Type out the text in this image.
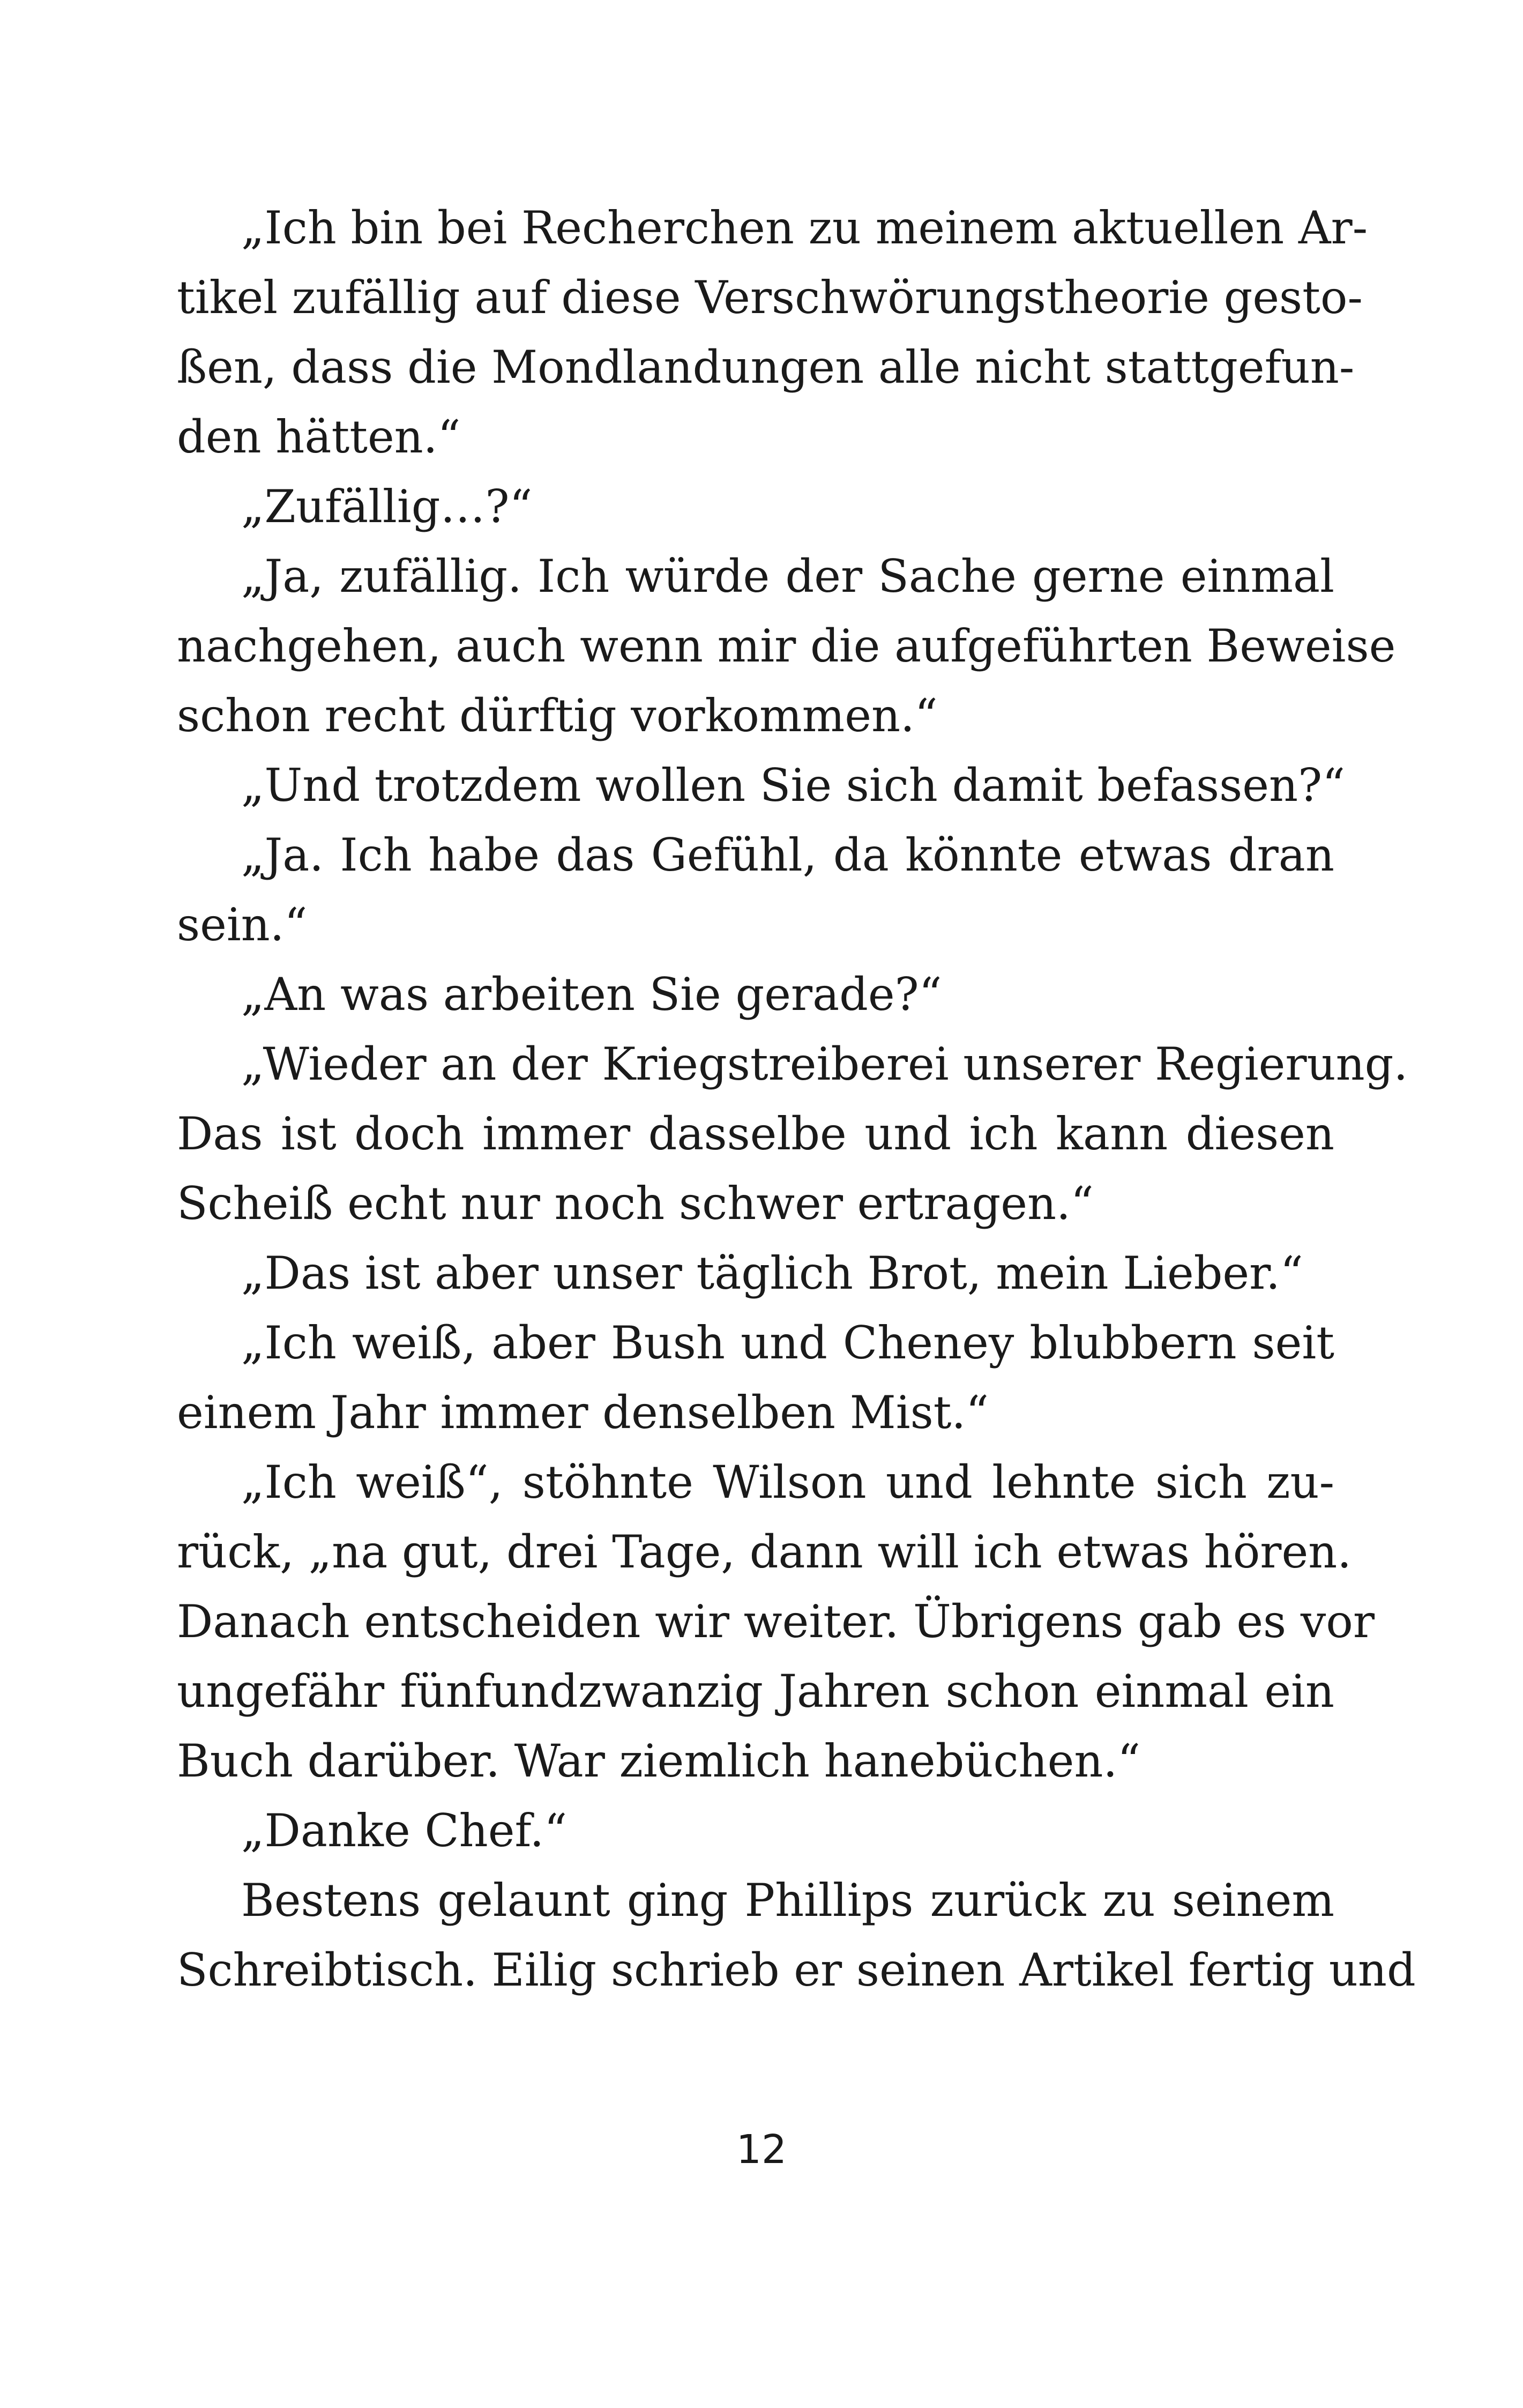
„Ich bin bei Recherchen zu meinem aktuellen Ar-
tikel zufällig auf diese Verschwörungstheorie gesto-
ßen, dass die Mondlandungen alle nicht stattgefun-
den hätten.“
„Zufällig…?“
„Ja, zufällig. Ich würde der Sache gerne einmal
nachgehen, auch wenn mir die aufgeführten Beweise
schon recht dürftig vorkommen.“
„Und trotzdem wollen Sie sich damit befassen?“
„Ja. Ich habe das Gefühl, da könnte etwas dran
sein.“
„An was arbeiten Sie gerade?“
„Wieder an der Kriegstreiberei unserer Regierung.
Das ist doch immer dasselbe und ich kann diesen
Scheiß echt nur noch schwer ertragen.“
„Das ist aber unser täglich Brot, mein Lieber.“
„Ich weiß, aber Bush und Cheney blubbern seit
einem Jahr immer denselben Mist.“
„Ich weiß“, stöhnte Wilson und lehnte sich zu-
rück, „na gut, drei Tage, dann will ich etwas hören.
Danach entscheiden wir weiter. Übrigens gab es vor
ungefähr fünfundzwanzig Jahren schon einmal ein
Buch darüber. War ziemlich hanebüchen.“
„Danke Chef.“
Bestens gelaunt ging Phillips zurück zu seinem
Schreibtisch. Eilig schrieb er seinen Artikel fertig und
12
